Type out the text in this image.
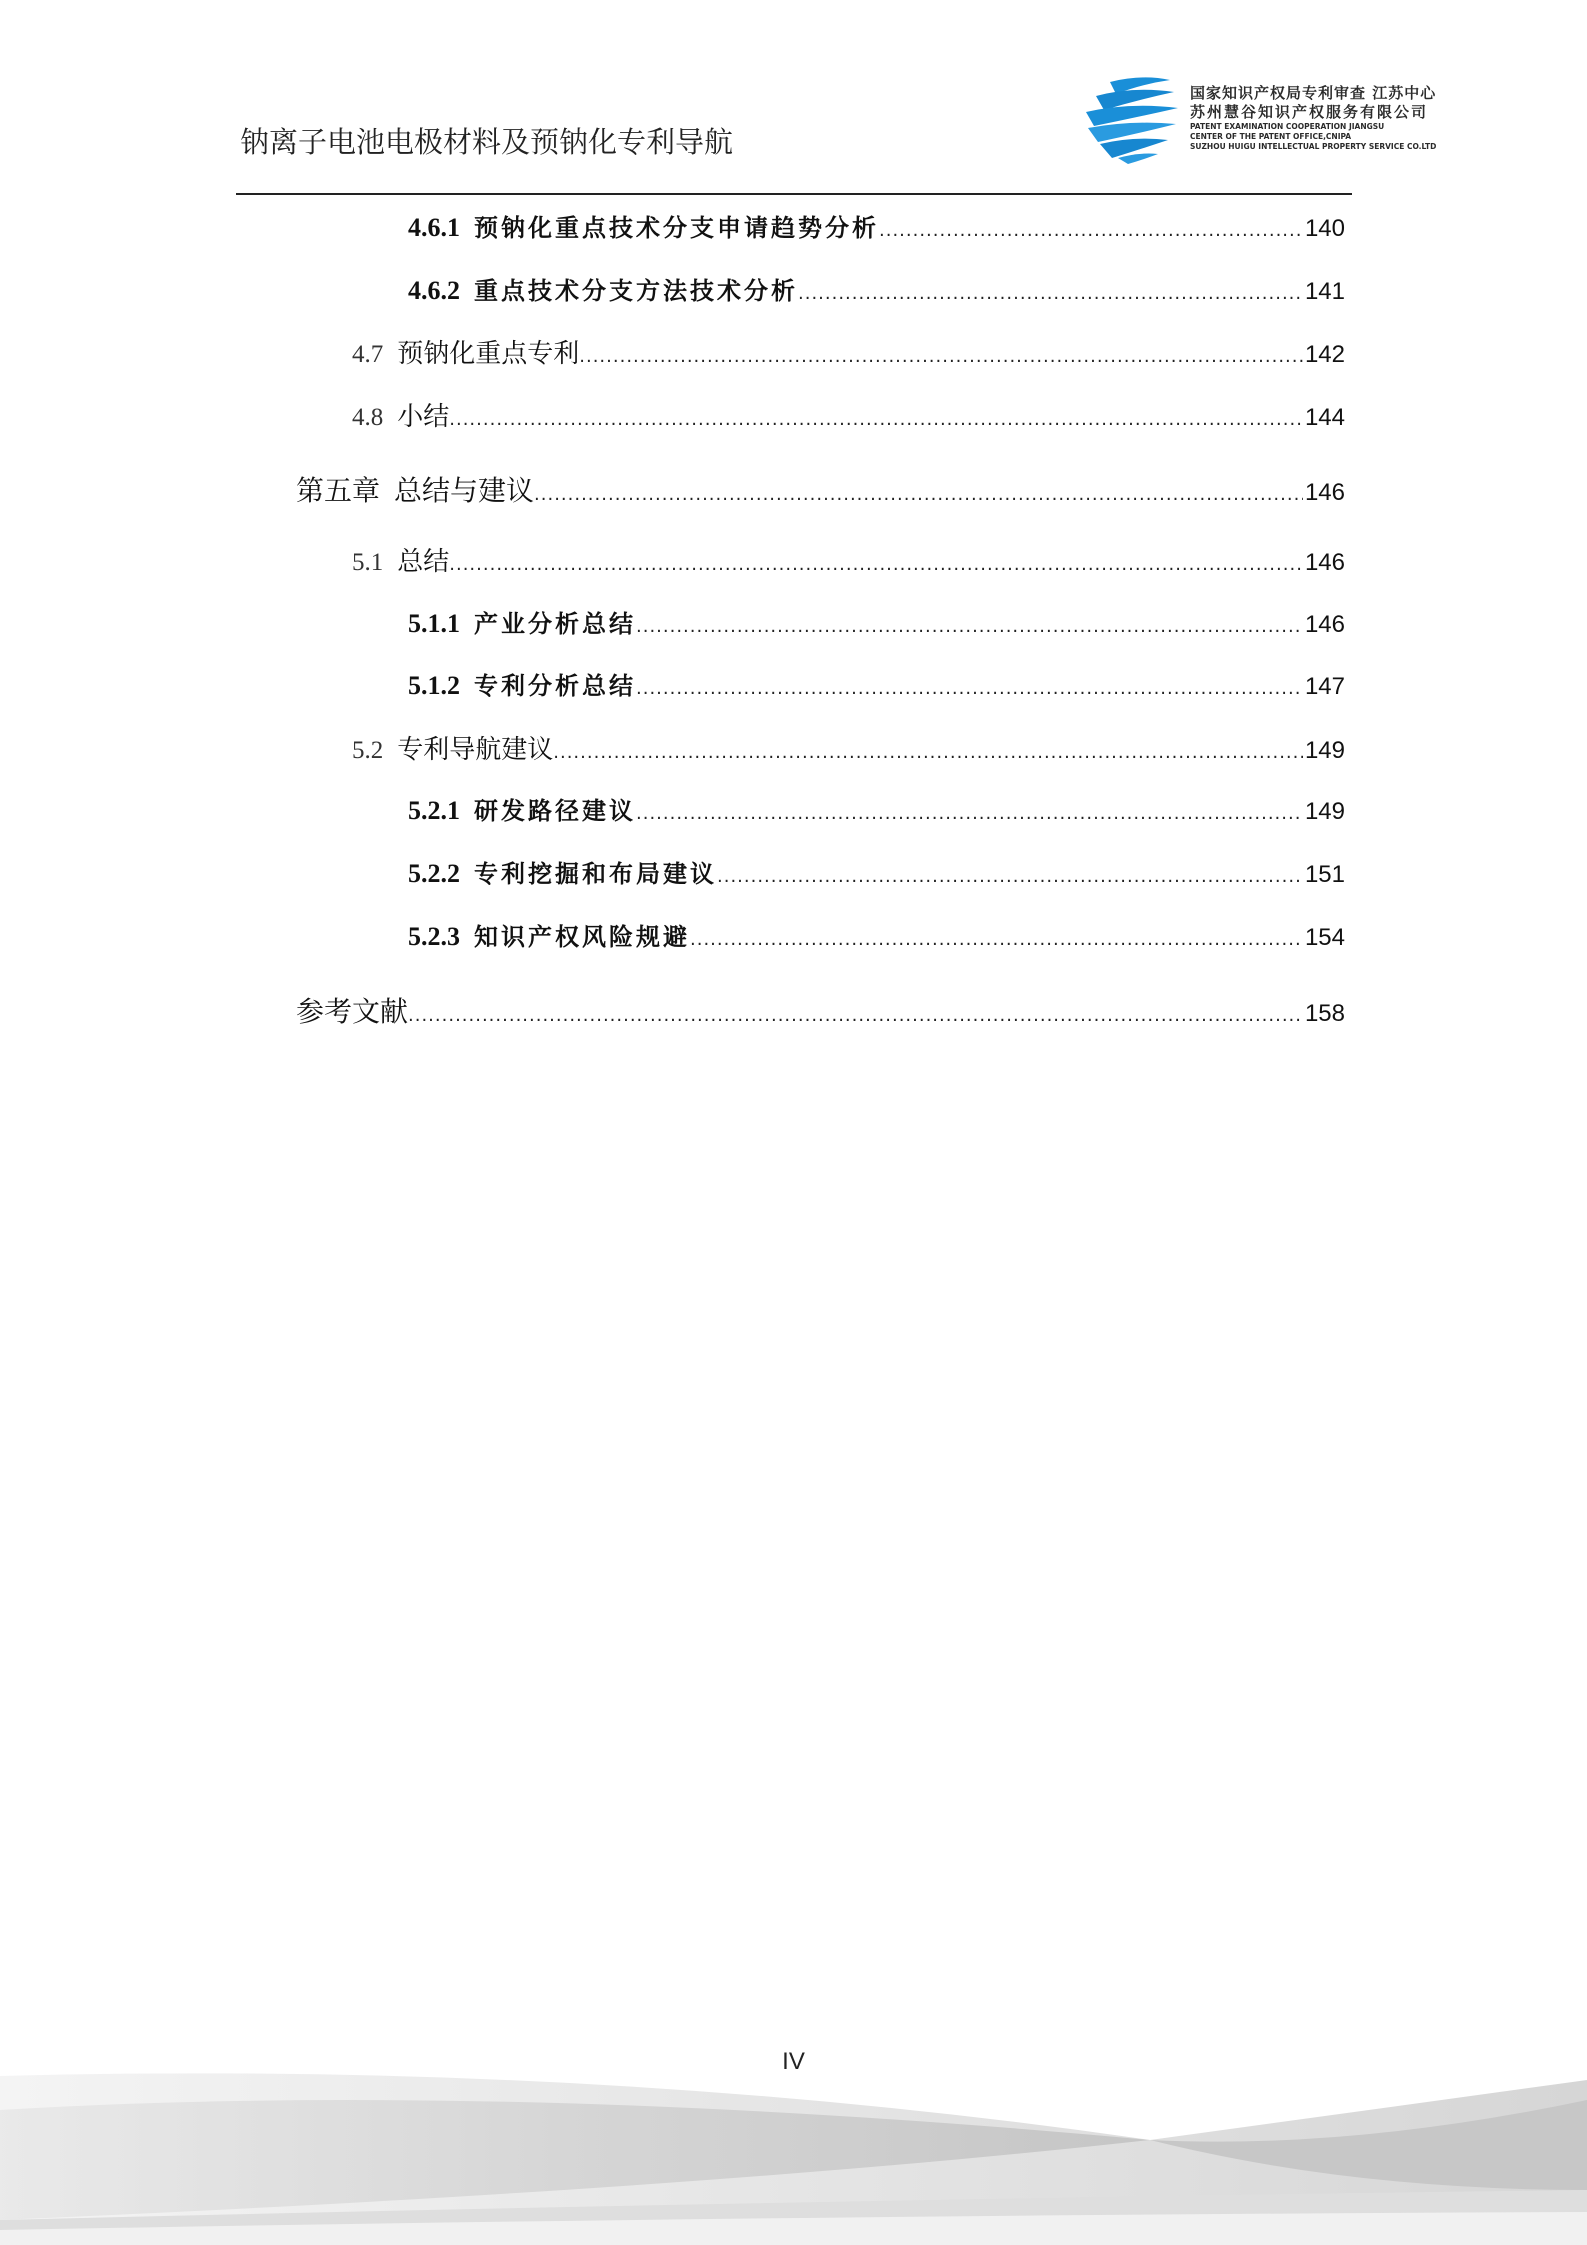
钠离子电池电极材料及预钠化专利导航
国家知识产权局专利审查 江苏中心
苏州慧谷知识产权服务有限公司
PATENT EXAMINATION COOPERATION JIANGSU
CENTER OF THE PATENT OFFICE,CNIPA
SUZHOU HUIGU INTELLECTUAL PROPERTY SERVICE CO.LTD
4.6.1 预钠化重点技术分支申请趋势分析 .....	140
4.6.2 重点技术分支方法技术分析 .....	141
4.7 预钠化重点专利 .....	142
4.8 小结 .....	144
第五章 总结与建议 .....	146
5.1 总结 .....	146
5.1.1 产业分析总结 .....	146
5.1.2 专利分析总结 .....	147
5.2 专利导航建议 .....	149
5.2.1 研发路径建议 .....	149
5.2.2 专利挖掘和布局建议 .....	151
5.2.3 知识产权风险规避 .....	154
参考文献 .....	158
IV
